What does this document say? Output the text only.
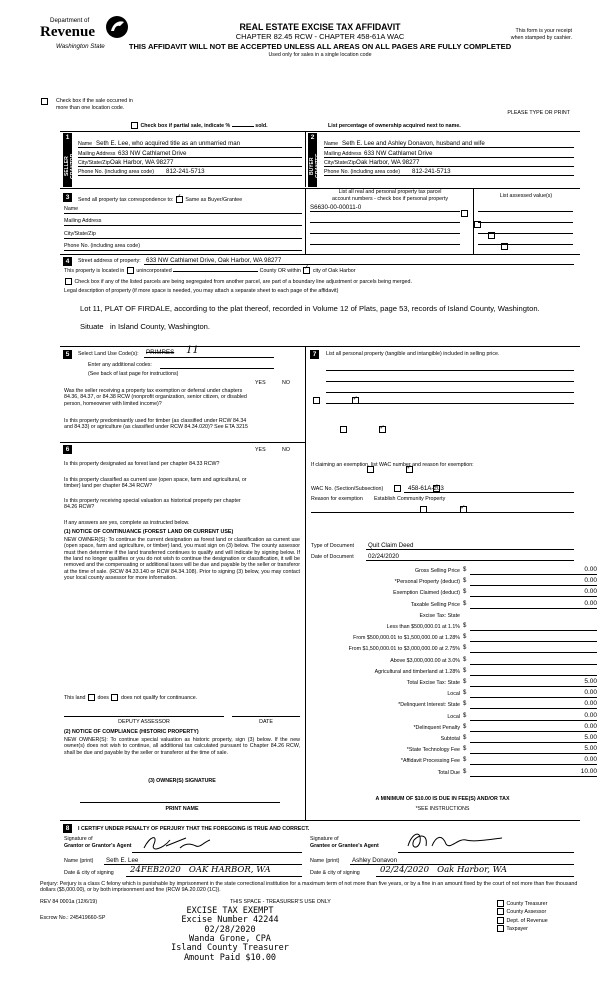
Department of
Revenue
Washington State
REAL ESTATE EXCISE TAX AFFIDAVIT
CHAPTER 82.45 RCW - CHAPTER 458-61A WAC
THIS AFFIDAVIT WILL NOT BE ACCEPTED UNLESS ALL AREAS ON ALL PAGES ARE FULLY COMPLETED
Used only for sales in a single location code
This form is your receipt
when stamped by cashier.
Check box if the sale occurred in
more than one location code.
PLEASE TYPE OR PRINT
Check box if partial sale, indicate %	sold.	List percentage of ownership acquired next to name.
1
SELLER GRANTOR
Name Seth E. Lee, who acquired title as an unmarried man
Mailing Address 633 NW Cathlamet Drive
City/State/Zip Oak Harbor, WA 98277
Phone No. (including area code) 812-241-5713
2
BUYER GRANTEE
Name Seth E. Lee and Ashley Donavon, husband and wife
Mailing Address 633 NW Cathlamet Drive
City/State/Zip Oak Harbor, WA 98277
Phone No. (including area code) 812-241-5713
3	Send all property tax correspondence to: ✓ Same as Buyer/Grantee
Name
Mailing Address
City/State/Zip
Phone No. (including area code)
List all real and personal property tax parcel
account numbers - check box if personal property	List assessed value(s)
S6630-00-00011-0

4	Street address of property: 633 NW Cathlamet Drive, Oak Harbor, WA 98277
This property is located in unincorporated	County OR within ✓ city of Oak Harbor
Check box if any of the listed parcels are being segregated from another parcel, are part of a boundary line adjustment or parcels being merged.
Legal description of property (if more space is needed, you may attach a separate sheet to each page of the affidavit)
Lot 11, PLAT OF FIRDALE, according to the plat thereof, recorded in Volume 12 of Plats, page 53, records of Island County, Washington.
Situate   in Island County, Washington.
5	Select Land Use Code(s): PRIMRES 11
Enter any additional codes:
(See back of last page for instructions)
YES	NO
Was the seller receiving a property tax exemption or deferral under chapters 84.36, 84.37, or 84.38 RCW (nonprofit organization, senior citizen, or disabled person, homeowner with limited income)?
✓
Is this property predominantly used for timber (as classified under RCW 84.34 and 84.33) or agriculture (as classified under RCW 84.34.020)? See ETA 3215
✓
7	List all personal property (tangible and intangible) included in selling price.
6	YES	NO
Is this property designated as forest land per chapter 84.33 RCW?
✓
Is this property classified as current use (open space, farm and agricultural, or timber) land per chapter 84.34 RCW?
✓
Is this property receiving special valuation as historical property per chapter 84.26 RCW?
✓
If any answers are yes, complete as instructed below.
(1) NOTICE OF CONTINUANCE (FOREST LAND OR CURRENT USE)
NEW OWNER(S): To continue the current designation as forest land or classification as current use (open space, farm and agriculture, or timber) land, you must sign on (3) below. The county assessor must then determine if the land transferred continues to qualify and will indicate by signing below. If the land no longer qualifies or you do not wish to continue the designation or classification, it will be removed and the compensating or additional taxes will be due and payable by the seller or transferor at the time of sale. (RCW 84.33.140 or RCW 84.34.108). Prior to signing (3) below, you may contact your local county assessor for more information.
This land does does not qualify for continuance.
DEPUTY ASSESSOR	DATE
(2) NOTICE OF COMPLIANCE (HISTORIC PROPERTY)
NEW OWNER(S): To continue special valuation as historic property, sign (3) below. If the new owner(s) does not wish to continue, all additional tax calculated pursuant to Chapter 84.26 RCW, shall be due and payable by the seller or transferor at the time of sale.
(3) OWNER(S) SIGNATURE
PRINT NAME
If claiming an exemption, list WAC number and reason for exemption:
WAC No. (Section/Subsection)	458-61A-203
Reason for exemption Establish Community Property
Type of Document Quit Claim Deed
Date of Document 02/24/2020
Gross Selling Price $	0.00
*Personal Property (deduct) $	0.00
Exemption Claimed (deduct) $	0.00
Taxable Selling Price $	0.00
Excise Tax: State
Less than $500,000.01 at 1.1% $
From $500,000.01 to $1,500,000.00 at 1.28% $
From $1,500,000.01 to $3,000,000.00 at 2.75% $
Above $3,000,000.00 at 3.0% $
Agricultural and timberland at 1.28% $
Total Excise Tax: State $	5.00
Local $	0.00
*Delinquent Interest: State $	0.00
Local $	0.00
*Delinquent Penalty $	0.00
Subtotal $	5.00
*State Technology Fee $	5.00
*Affidavit Processing Fee $	0.00
Total Due $	10.00
A MINIMUM OF $10.00 IS DUE IN FEE(S) AND/OR TAX
*SEE INSTRUCTIONS
8	I CERTIFY UNDER PENALTY OF PERJURY THAT THE FOREGOING IS TRUE AND CORRECT.
Signature of
Grantor or Grantor's Agent
Name (print) Seth E. Lee
Date & city of signing 24FEB2020   OAK HARBOR, WA
Signature of
Grantee or Grantee's Agent
Name (print) Ashley Donavon
Date & city of signing 02/24/2020   Oak Harbor, WA
Perjury: Perjury is a class C felony which is punishable by imprisonment in the state correctional institution for a maximum term of not more than five years, or by a fine in an amount fixed by the court of not more than five thousand dollars ($5,000.00), or by both imprisonment and fine (RCW 9A.20.020 (1C)).
REV 84 0001a (12/6/19)	THIS SPACE - TREASURER'S USE ONLY
Escrow No.: 245419660-SP
EXCISE TAX EXEMPT
Excise Number 42244
02/28/2020
Wanda Grone, CPA
Island County Treasurer
Amount Paid $10.00
County Treasurer
County Assessor
Dept. of Revenue
Taxpayer
